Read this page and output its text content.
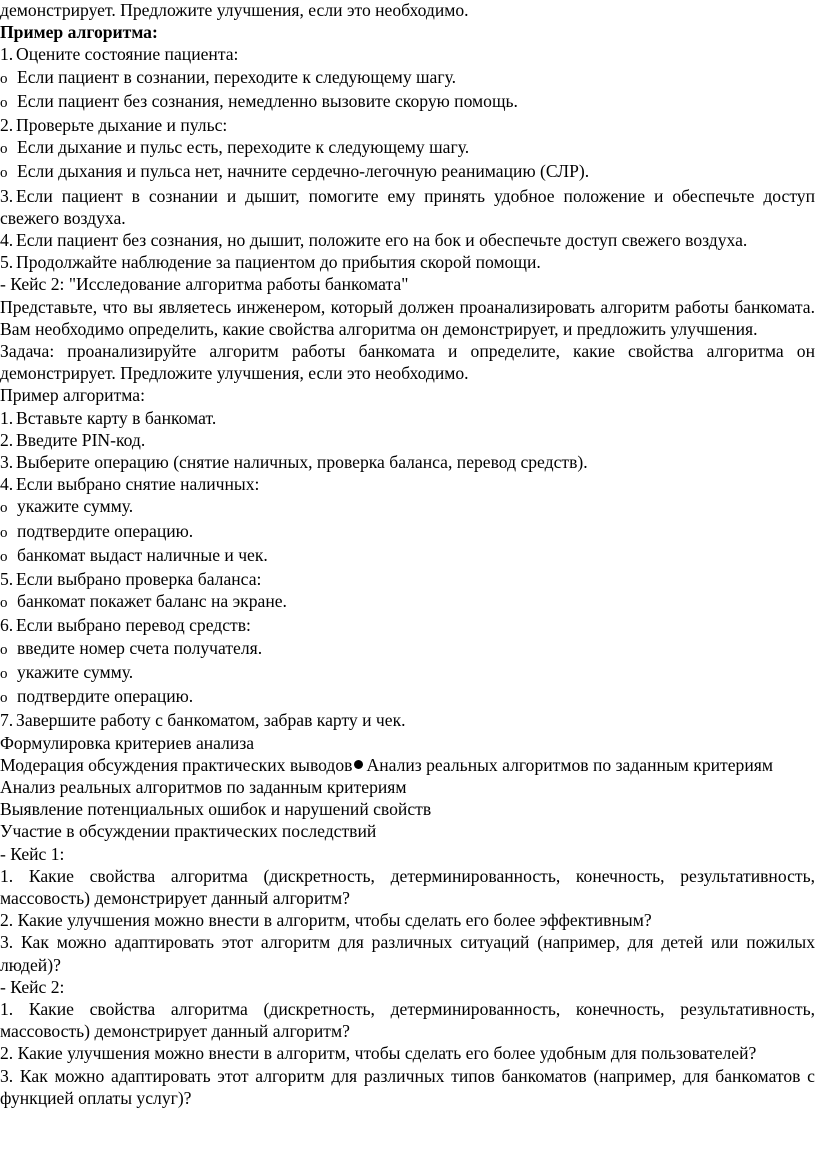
демонстрирует. Предложите улучшения, если это необходимо.

Пример алгоритма:

1. Оцените состояние пациента:

o Если пациент в сознании, переходите к следующему шагу.

o Если пациент без сознания, немедленно вызовите скорую помощь.

2. Проверьте дыхание и пульс:

o Если дыхание и пульс есть, переходите к следующему шагу.

o Если дыхания и пульса нет, начните сердечно-легочную реанимацию (СЛР).

3. Если пациент в сознании и дышит, помогите ему принять удобное положение и обеспечьте доступ свежего воздуха.

4. Если пациент без сознания, но дышит, положите его на бок и обеспечьте доступ свежего воздуха.

5. Продолжайте наблюдение за пациентом до прибытия скорой помощи.

- Кейс 2: "Исследование алгоритма работы банкомата"

Представьте, что вы являетесь инженером, который должен проанализировать алгоритм работы банкомата. Вам необходимо определить, какие свойства алгоритма он демонстрирует, и предложить улучшения.

Задача: проанализируйте алгоритм работы банкомата и определите, какие свойства алгоритма он демонстрирует. Предложите улучшения, если это необходимо.

Пример алгоритма:

1. Вставьте карту в банкомат.

2. Введите PIN-код.

3. Выберите операцию (снятие наличных, проверка баланса, перевод средств).

4. Если выбрано снятие наличных:

o укажите сумму.

o подтвердите операцию.

o банкомат выдаст наличные и чек.

5. Если выбрано проверка баланса:

o банкомат покажет баланс на экране.

6. Если выбрано перевод средств:

o введите номер счета получателя.

o укажите сумму.

o подтвердите операцию.

7. Завершите работу с банкоматом, забрав карту и чек.

Формулировка критериев анализа

Модерация обсуждения практических выводов Анализ реальных алгоритмов по заданным критериям

Анализ реальных алгоритмов по заданным критериям

Выявление потенциальных ошибок и нарушений свойств

Участие в обсуждении практических последствий

- Кейс 1:

1. Какие свойства алгоритма (дискретность, детерминированность, конечность, результативность, массовость) демонстрирует данный алгоритм?

2. Какие улучшения можно внести в алгоритм, чтобы сделать его более эффективным?

3. Как можно адаптировать этот алгоритм для различных ситуаций (например, для детей или пожилых людей)?

- Кейс 2:

1. Какие свойства алгоритма (дискретность, детерминированность, конечность, результативность, массовость) демонстрирует данный алгоритм?

2. Какие улучшения можно внести в алгоритм, чтобы сделать его более удобным для пользователей?

3. Как можно адаптировать этот алгоритм для различных типов банкоматов (например, для банкоматов с функцией оплаты услуг)?
